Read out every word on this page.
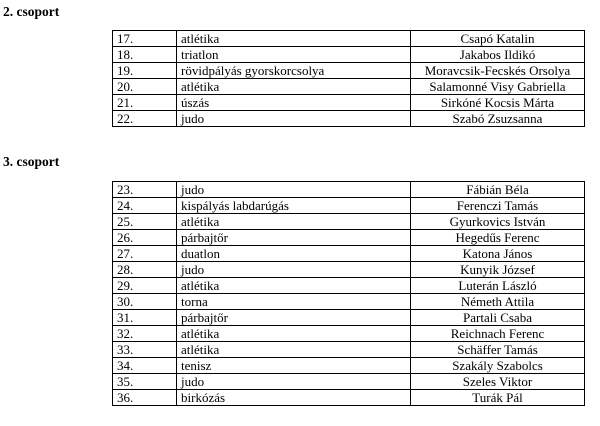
2. csoport

17.	atlétika	Csapó Katalin
18.	triatlon	Jakabos Ildikó
19.	rövidpályás gyorskorcsolya	Moravcsik-Fecskés Orsolya
20.	atlétika	Salamonné Visy Gabriella
21.	úszás	Sirkóné Kocsis Márta
22.	judo	Szabó Zsuzsanna

3. csoport

23.	judo	Fábián Béla
24.	kispályás labdarúgás	Ferenczi Tamás
25.	atlétika	Gyurkovics István
26.	párbajtőr	Hegedűs Ferenc
27.	duatlon	Katona János
28.	judo	Kunyik József
29.	atlétika	Luterán László
30.	torna	Németh Attila
31.	párbajtőr	Partali Csaba
32.	atlétika	Reichnach Ferenc
33.	atlétika	Schäffer Tamás
34.	tenisz	Szakály Szabolcs
35.	judo	Szeles Viktor
36.	birkózás	Turák Pál
